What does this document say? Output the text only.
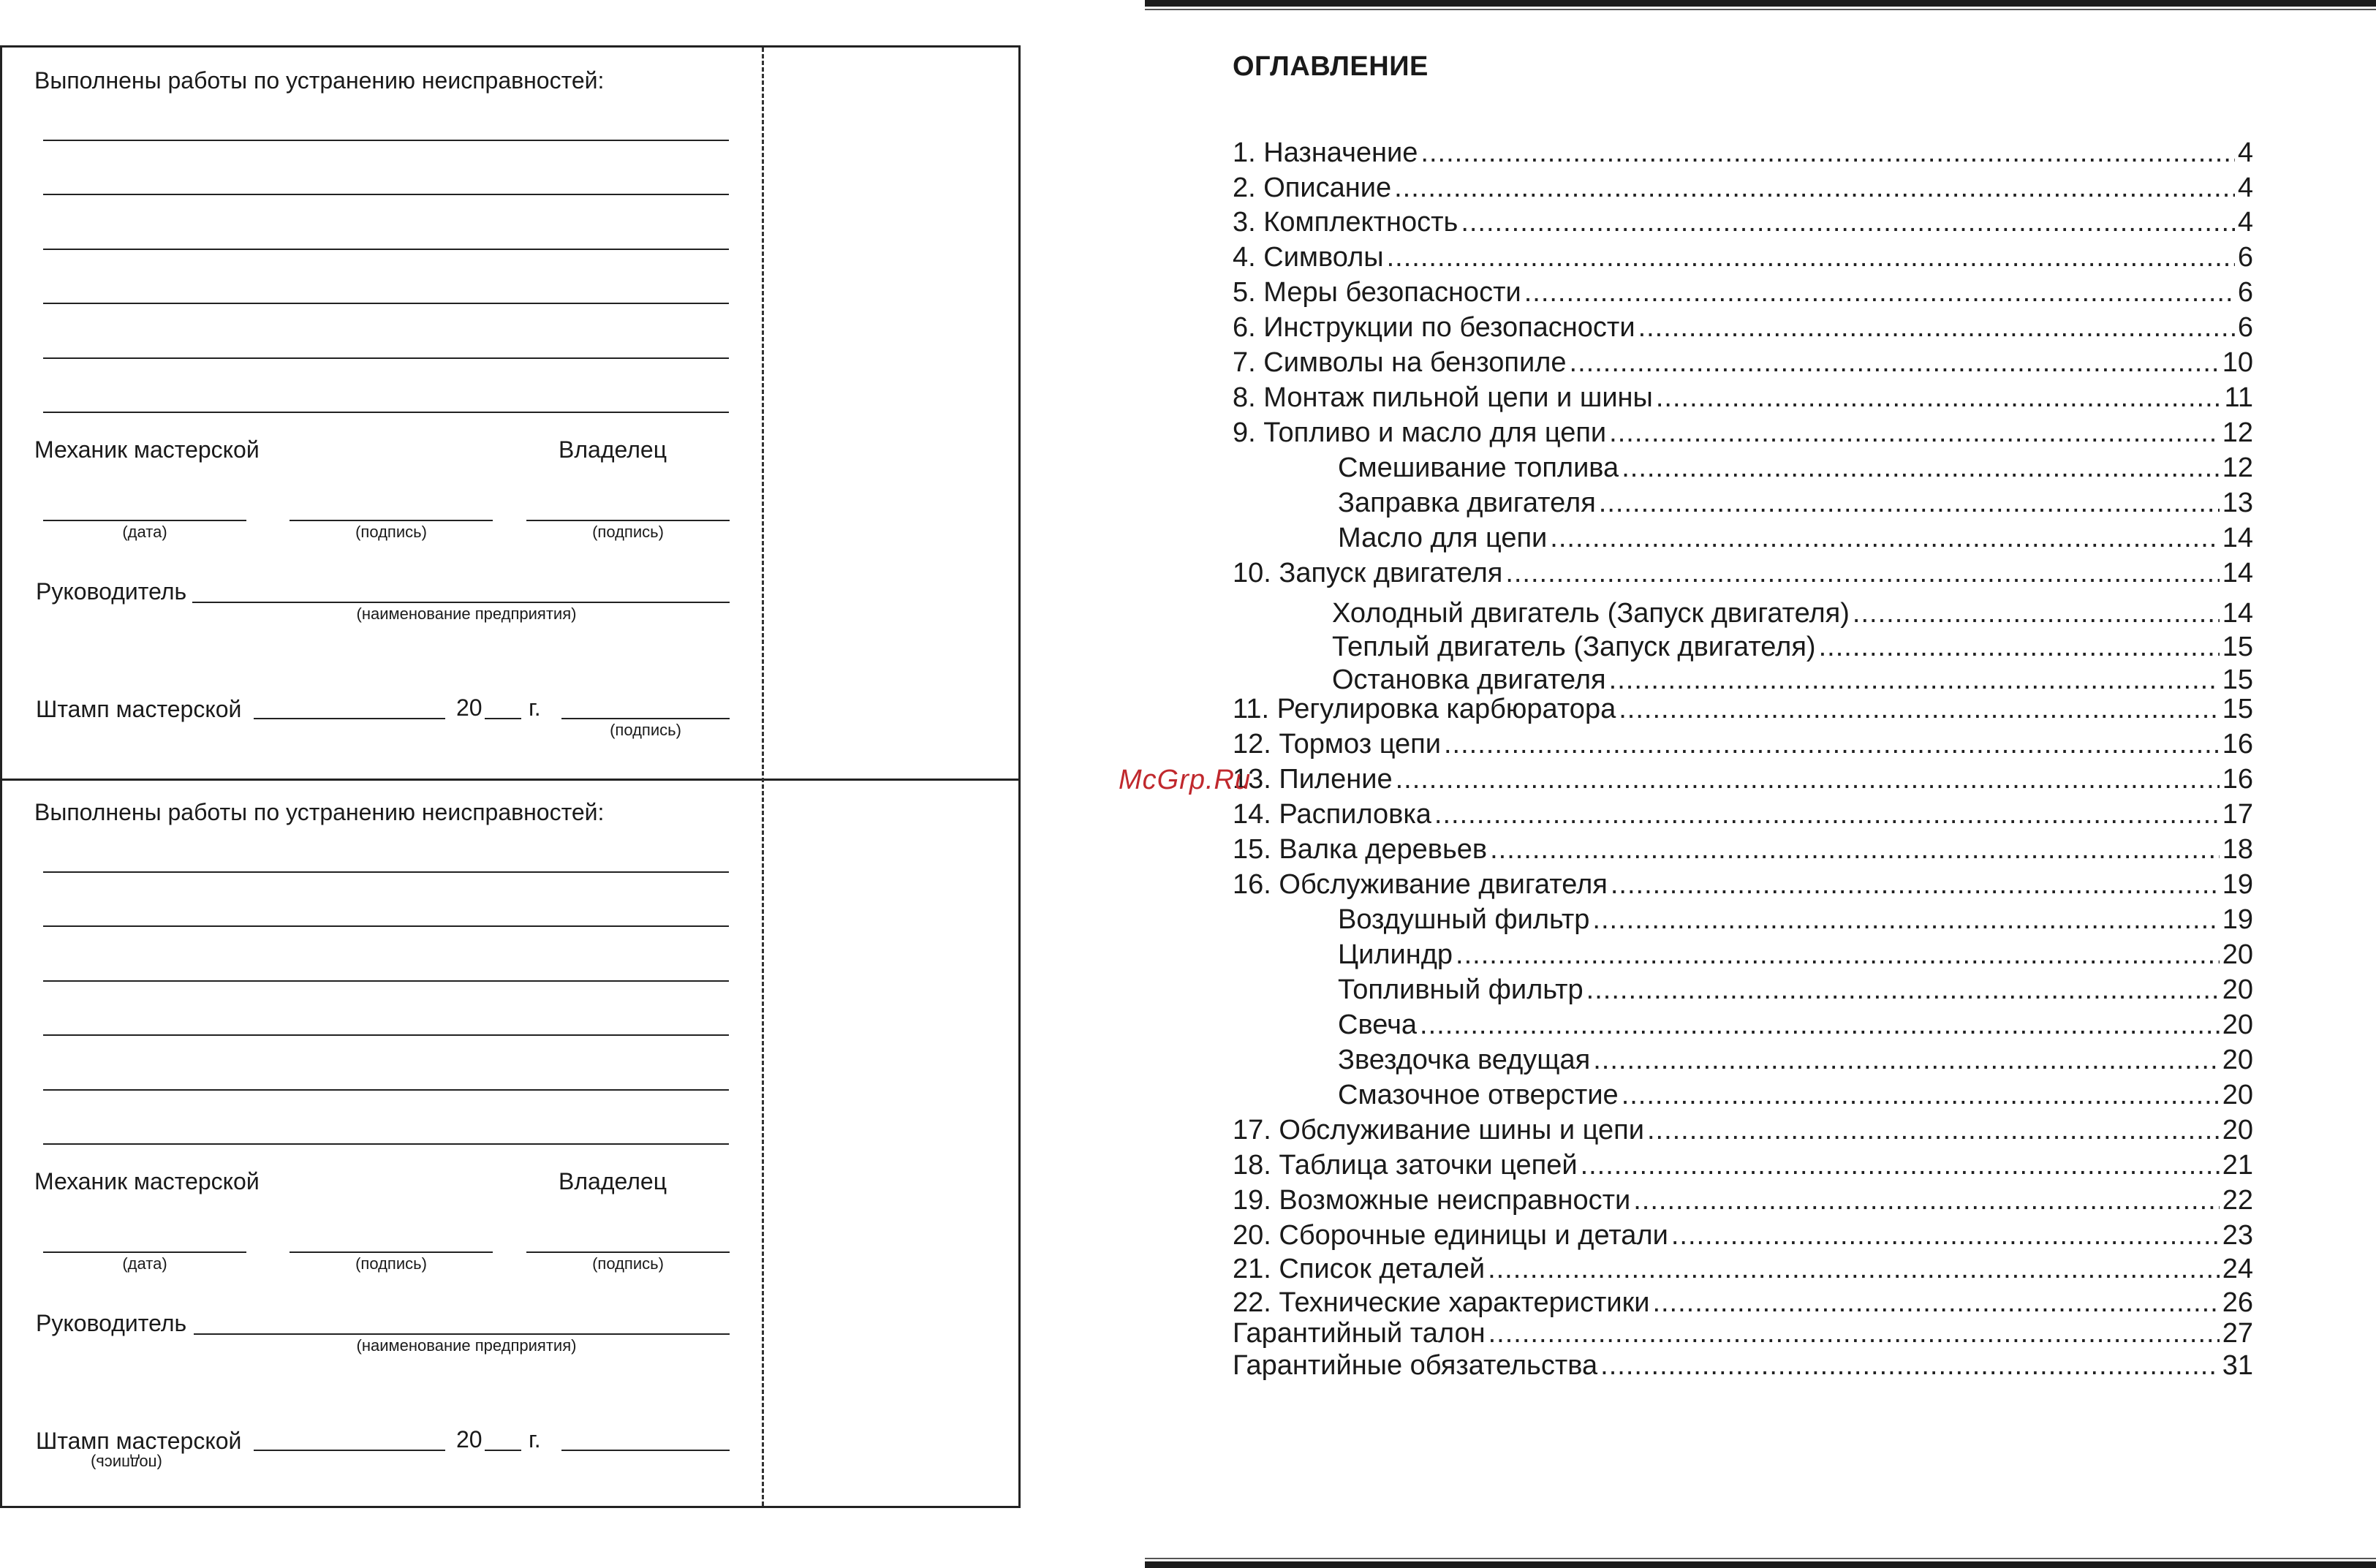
Выполнены работы по устранению неисправностей:
Механик мастерской	Владелец
(дата)	(подпись)	(подпись)
Руководитель
(наименование предприятия)
Штамп мастерской	20 г.
(подпись)
Выполнены работы по устранению неисправностей:
Механик мастерской	Владелец
(дата)	(подпись)	(подпись)
Руководитель
(наименование предприятия)
Штамп мастерской
(подпись)
20 г.
ОГЛАВЛЕНИЕ
1. Назначение .....	4
2. Описание .....	4
3. Комплектность .....	4
4. Символы .....	6
5. Меры безопасности .....	6
6. Инструкции по безопасности .....	6
7. Символы на бензопиле .....	10
8. Монтаж пильной цепи и шины .....	11
9. Топливо и масло для цепи .....	12
Смешивание топлива .....	12
Заправка двигателя .....	13
Масло для цепи .....	14
10. Запуск двигателя .....	14
Холодный двигатель (Запуск двигателя) .....	14
Теплый двигатель (Запуск двигателя) .....	15
Остановка двигателя .....	15
11. Регулировка карбюратора .....	15
12. Тормоз цепи .....	16
13. Пиление .....	16
14. Распиловка .....	17
15. Валка деревьев .....	18
16. Обслуживание двигателя .....	19
Воздушный фильтр .....	19
Цилиндр .....	20
Топливный фильтр .....	20
Свеча .....	20
Звездочка ведущая .....	20
Смазочное отверстие .....	20
17. Обслуживание шины и цепи .....	20
18. Таблица заточки цепей .....	21
19. Возможные неисправности .....	22
20. Сборочные единицы и детали .....	23
21. Список деталей .....	24
22. Технические характеристики .....	26
Гарантийный талон .....	27
Гарантийные обязательства .....	31
McGrp.Ru
